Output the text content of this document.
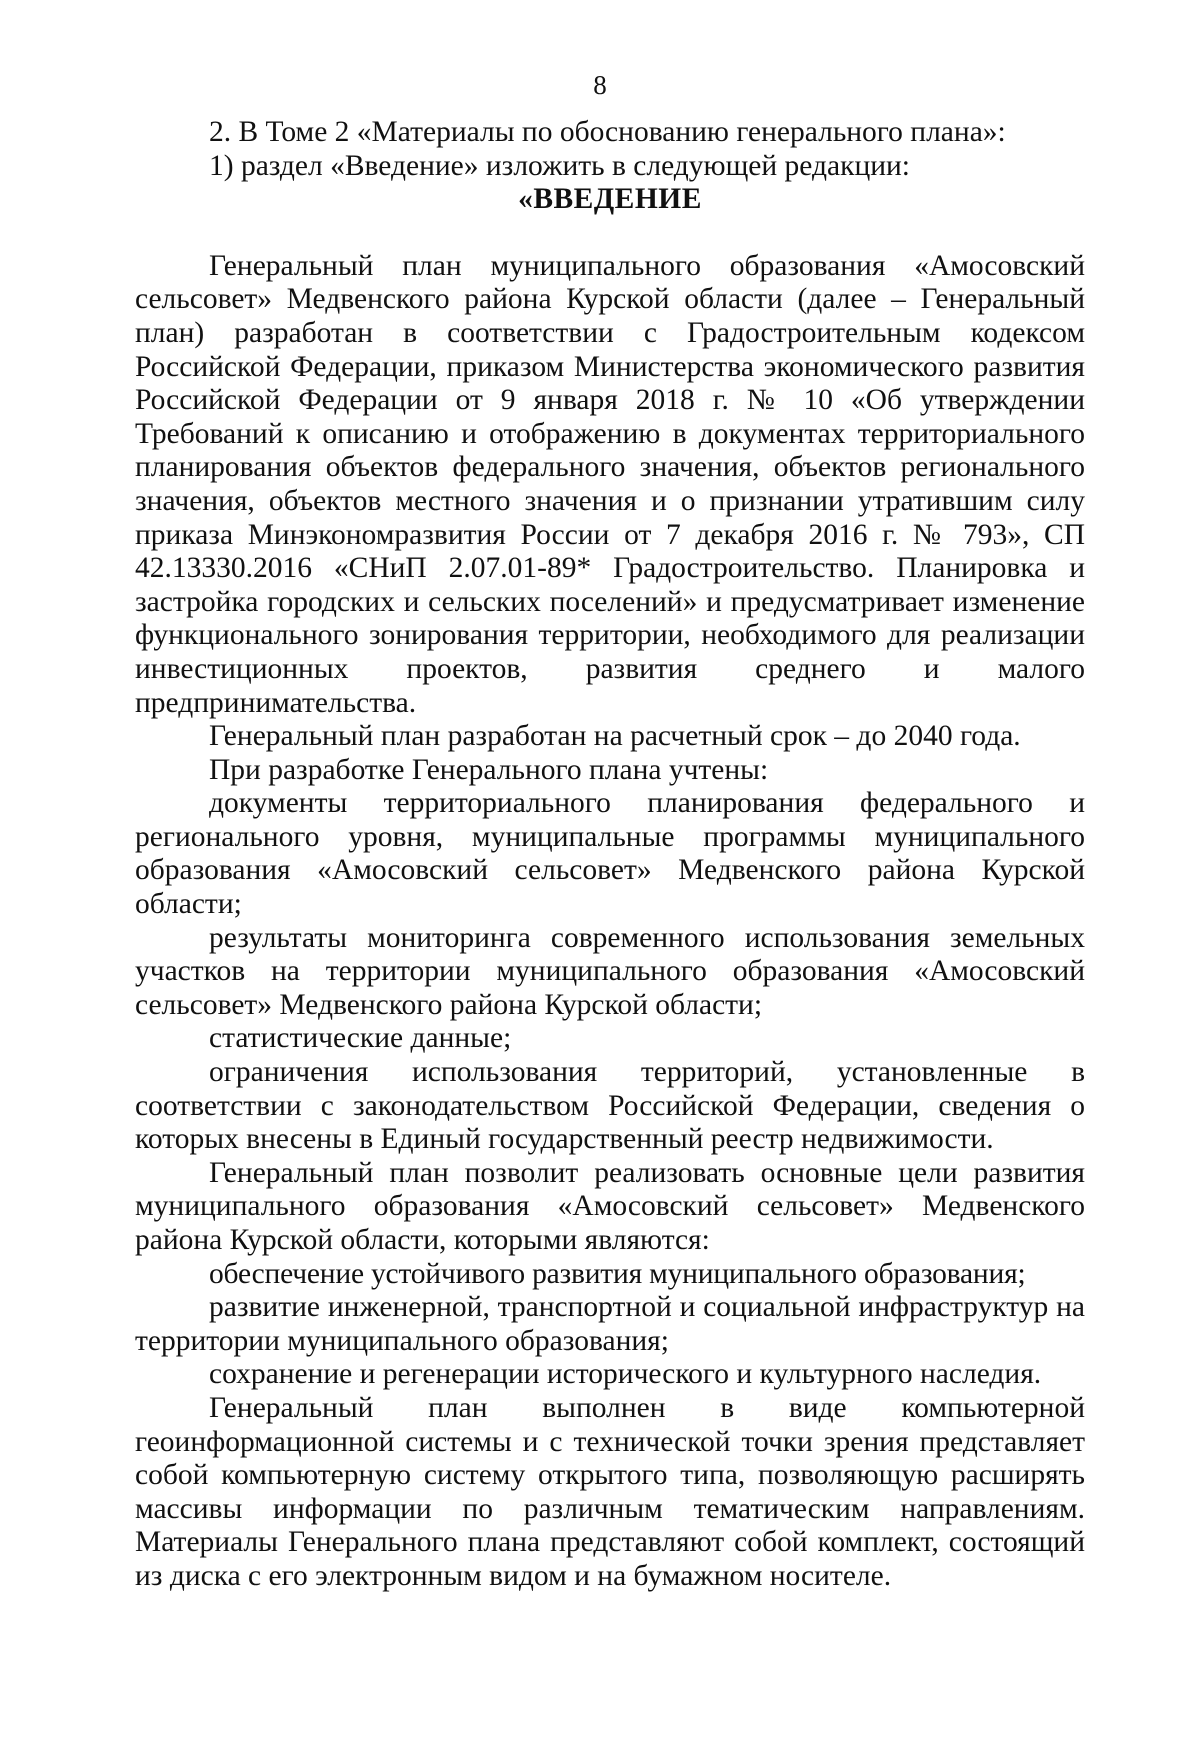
8

2. В Томе 2 «Материалы по обоснованию генерального плана»:

1) раздел «Введение» изложить в следующей редакции:

«ВВЕДЕНИЕ

Генеральный план муниципального образования «Амосовский сельсовет» Медвенского района Курской области (далее – Генеральный план) разработан в соответствии с Градостроительным кодексом Российской Федерации, приказом Министерства экономического развития Российской Федерации от 9 января 2018 г. № 10 «Об утверждении Требований к описанию и отображению в документах территориального планирования объектов федерального значения, объектов регионального значения, объектов местного значения и о признании утратившим силу приказа Минэкономразвития России от 7 декабря 2016 г. № 793», СП 42.13330.2016 «СНиП 2.07.01-89* Градостроительство. Планировка и застройка городских и сельских поселений» и предусматривает изменение функционального зонирования территории, необходимого для реализации инвестиционных проектов, развития среднего и малого предпринимательства.

Генеральный план разработан на расчетный срок – до 2040 года.

При разработке Генерального плана учтены:

документы территориального планирования федерального и регионального уровня, муниципальные программы муниципального образования «Амосовский сельсовет» Медвенского района Курской области;

результаты мониторинга современного использования земельных участков на территории муниципального образования «Амосовский сельсовет» Медвенского района Курской области;

статистические данные;

ограничения использования территорий, установленные в соответствии с законодательством Российской Федерации, сведения о которых внесены в Единый государственный реестр недвижимости.

Генеральный план позволит реализовать основные цели развития муниципального образования «Амосовский сельсовет» Медвенского района Курской области, которыми являются:

обеспечение устойчивого развития муниципального образования;

развитие инженерной, транспортной и социальной инфраструктур на территории муниципального образования;

сохранение и регенерации исторического и культурного наследия.

Генеральный план выполнен в виде компьютерной геоинформационной системы и с технической точки зрения представляет собой компьютерную систему открытого типа, позволяющую расширять массивы информации по различным тематическим направлениям. Материалы Генерального плана представляют собой комплект, состоящий из диска с его электронным видом и на бумажном носителе.
